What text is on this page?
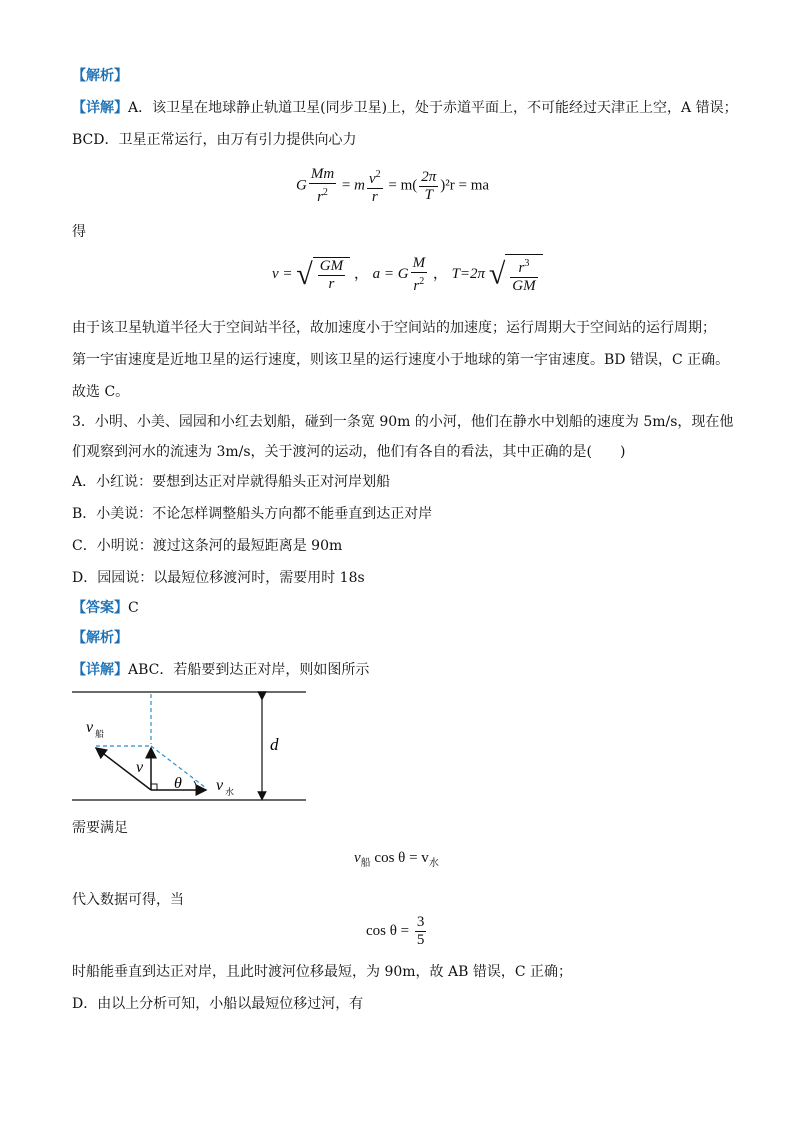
【解析】
【详解】A．该卫星在地球静止轨道卫星(同步卫星)上，处于赤道平面上，不可能经过天津正上空，A 错误；
BCD．卫星正常运行，由万有引力提供向心力
G $\frac{Mm}{r^2} = m \frac{v^2}{r} = m( \frac{2\pi}{T} )^2r$ = ma
得
v = √ $\frac{GM}{r}$ ， a = G $\frac{M}{r^2}$ ， T=2π √ $\frac{r^3}{GM}$
由于该卫星轨道半径大于空间站半径，故加速度小于空间站的加速度；运行周期大于空间站的运行周期；
第一宇宙速度是近地卫星的运行速度，则该卫星的运行速度小于地球的第一宇宙速度。BD 错误，C 正确。
故选 C。
3．小明、小美、园园和小红去划船，碰到一条宽 90m 的小河，他们在静水中划船的速度为 5m/s，现在他
们观察到河水的流速为 3m/s，关于渡河的运动，他们有各自的看法，其中正确的是(　　)
A．小红说：要想到达正对岸就得船头正对河岸划船
B．小美说：不论怎样调整船头方向都不能垂直到达正对岸
C．小明说：渡过这条河的最短距离是 90m
D．园园说：以最短位移渡河时，需要用时 18s
【答案】C
【解析】
【详解】ABC．若船要到达正对岸，则如图所示
v 船
v
θ v 水
d
需要满足
$v_船$ $\cos \theta = v_水$
代入数据可得，当
$\cos \theta = \frac{3}{5}$
时船能垂直到达正对岸，且此时渡河位移最短，为 90m，故 AB 错误，C 正确；
D．由以上分析可知，小船以最短位移过河，有
